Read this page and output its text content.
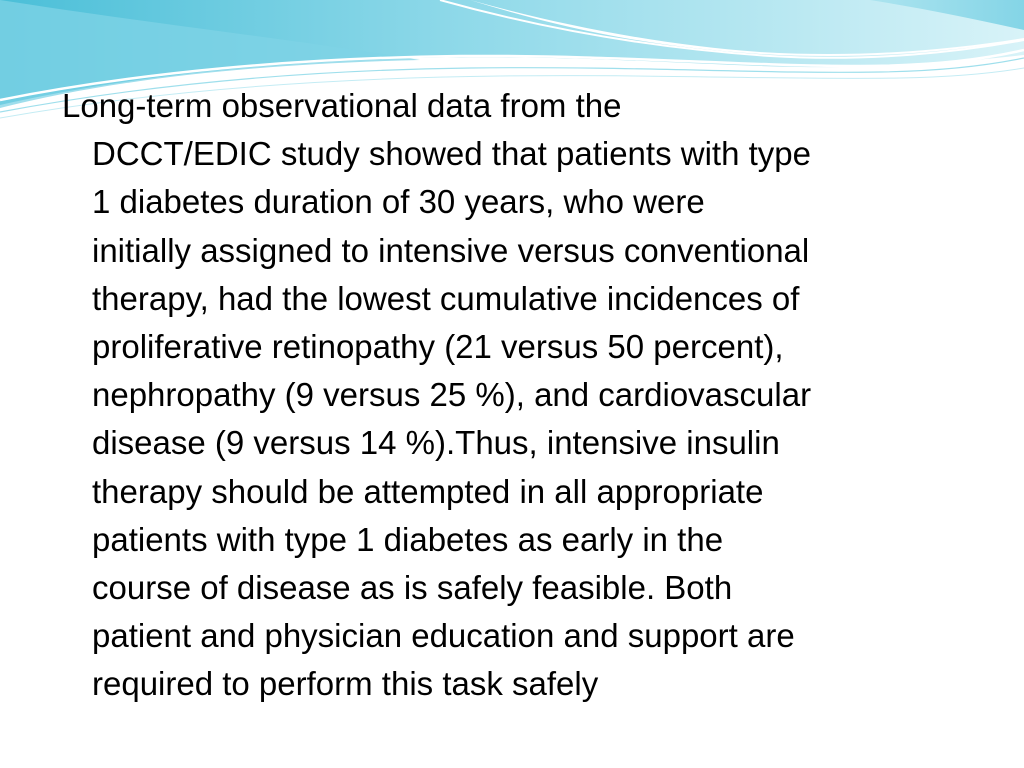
Long-term observational data from the
DCCT/EDIC study showed that patients with type
1 diabetes duration of 30 years, who were
initially assigned to intensive versus conventional
therapy, had the lowest cumulative incidences of
proliferative retinopathy (21 versus 50 percent),
nephropathy (9 versus 25 %), and cardiovascular
disease (9 versus 14 %).Thus, intensive insulin
therapy should be attempted in all appropriate
patients with type 1 diabetes as early in the
course of disease as is safely feasible. Both
patient and physician education and support are
required to perform this task safely
